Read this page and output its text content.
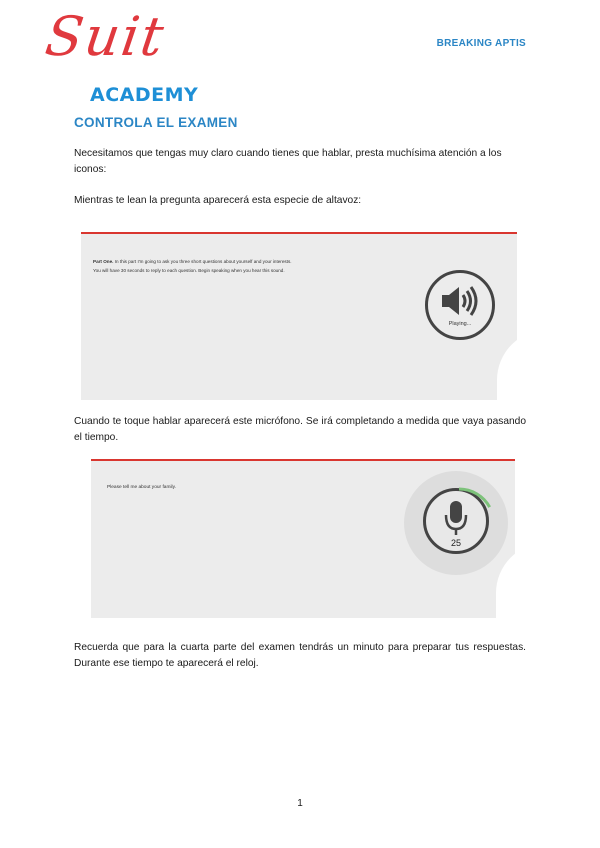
Suit
ACADEMY
BREAKING APTIS
CONTROLA EL EXAMEN
Necesitamos que tengas muy claro cuando tienes que hablar, presta muchísima atención a los iconos:
Mientras te lean la pregunta aparecerá esta especie de altavoz:
Part One. In this part I'm going to ask you three short questions about yourself and your interests.
You will have 30 seconds to reply to each question. Begin speaking when you hear this sound.
Playing...
Cuando te toque hablar aparecerá este micrófono. Se irá completando a medida que vaya pasando el tiempo.
Please tell me about your family.
25
Recuerda que para la cuarta parte del examen tendrás un minuto para preparar tus respuestas. Durante ese tiempo te aparecerá el reloj.
1
